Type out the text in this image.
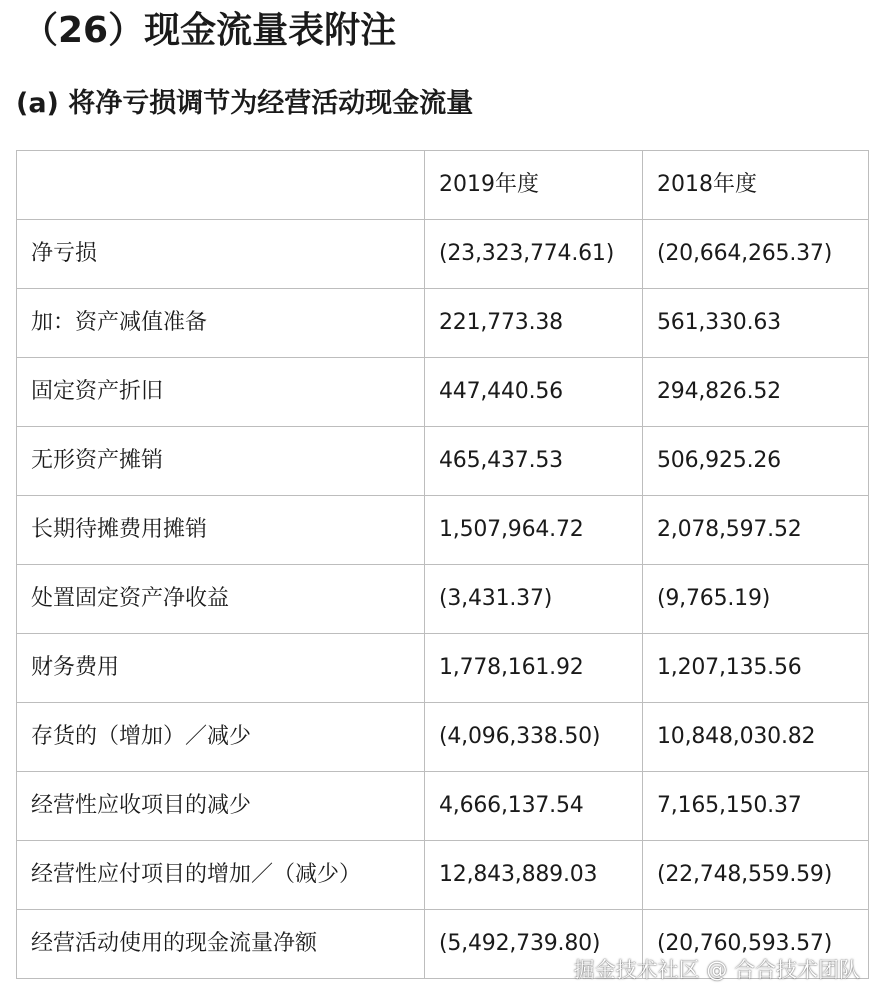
（26）现金流量表附注
(a) 将净亏损调节为经营活动现金流量
	2019年度	2018年度
净亏损	(23,323,774.61)	(20,664,265.37)
加：资产减值准备	221,773.38	561,330.63
固定资产折旧	447,440.56	294,826.52
无形资产摊销	465,437.53	506,925.26
长期待摊费用摊销	1,507,964.72	2,078,597.52
处置固定资产净收益	(3,431.37)	(9,765.19)
财务费用	1,778,161.92	1,207,135.56
存货的（增加）／减少	(4,096,338.50)	10,848,030.82
经营性应收项目的减少	4,666,137.54	7,165,150.37
经营性应付项目的增加／（减少）	12,843,889.03	(22,748,559.59)
经营活动使用的现金流量净额	(5,492,739.80)	(20,760,593.57)
掘金技术社区 @ 合合技术团队
